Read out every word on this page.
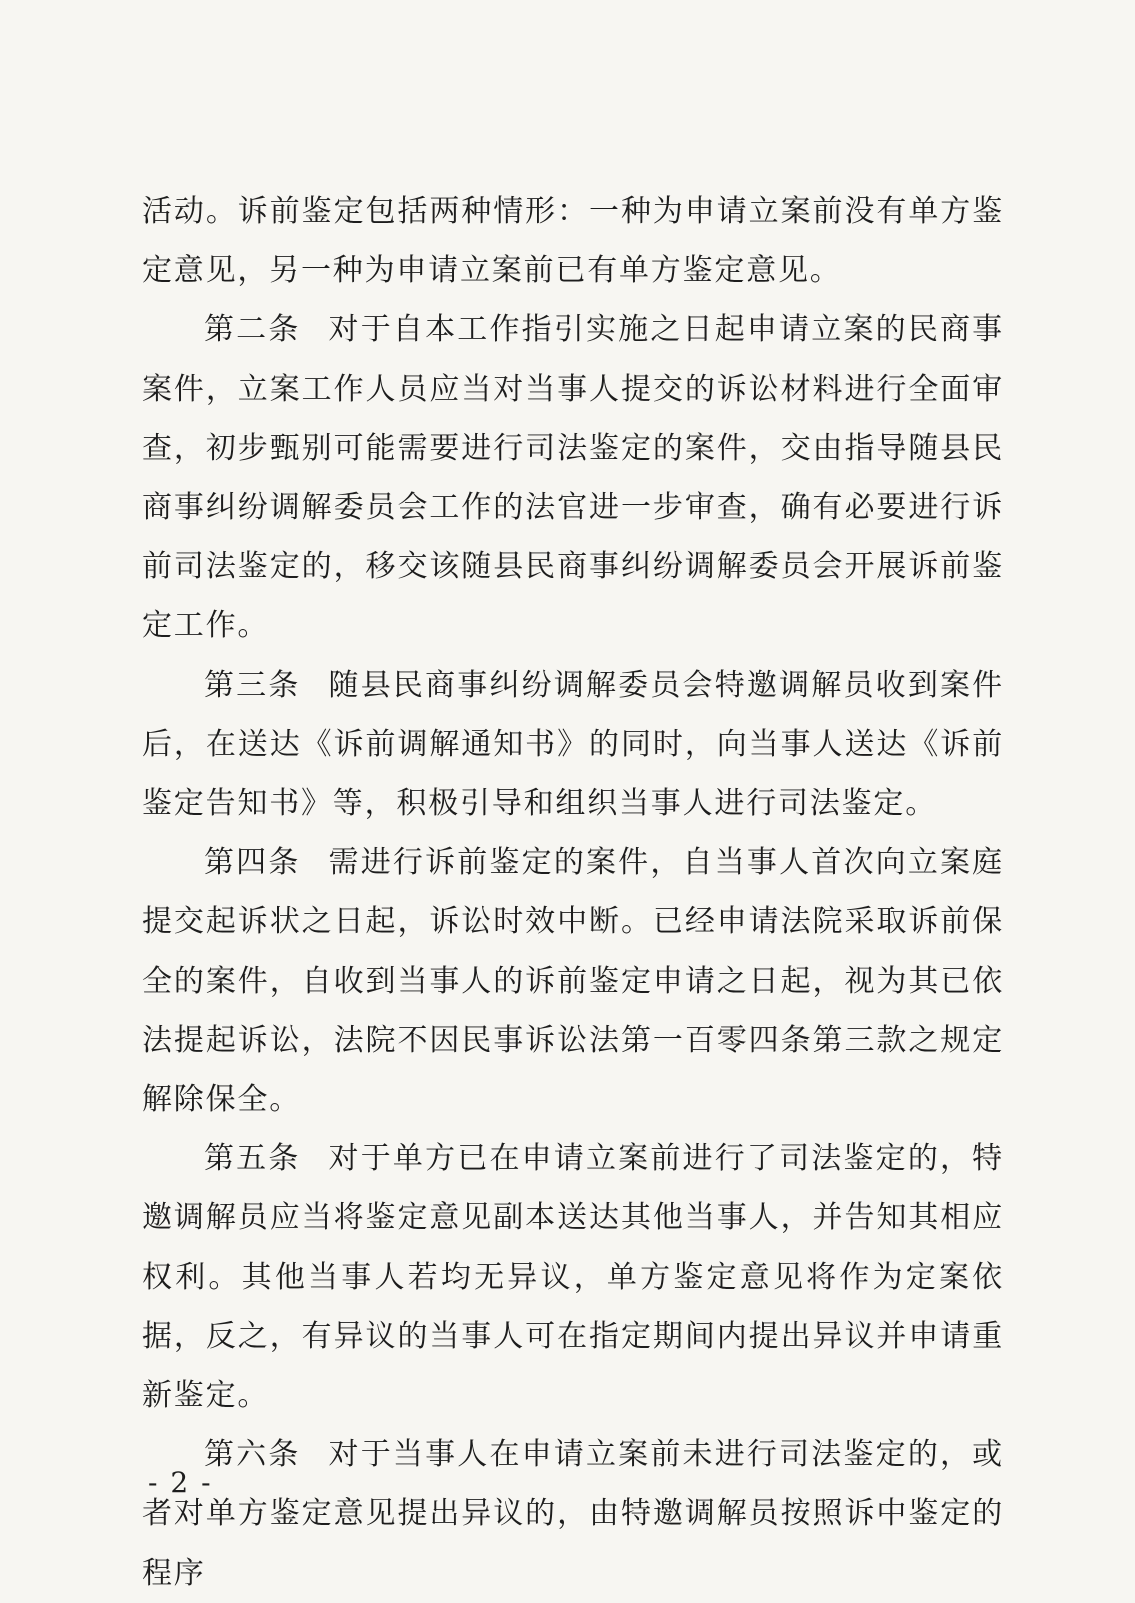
活动。诉前鉴定包括两种情形：一种为申请立案前没有单方鉴定意见，另一种为申请立案前已有单方鉴定意见。

第二条 对于自本工作指引实施之日起申请立案的民商事案件，立案工作人员应当对当事人提交的诉讼材料进行全面审查，初步甄别可能需要进行司法鉴定的案件，交由指导随县民商事纠纷调解委员会工作的法官进一步审查，确有必要进行诉前司法鉴定的，移交该随县民商事纠纷调解委员会开展诉前鉴定工作。

第三条 随县民商事纠纷调解委员会特邀调解员收到案件后，在送达《诉前调解通知书》的同时，向当事人送达《诉前鉴定告知书》等，积极引导和组织当事人进行司法鉴定。

第四条 需进行诉前鉴定的案件，自当事人首次向立案庭提交起诉状之日起，诉讼时效中断。已经申请法院采取诉前保全的案件，自收到当事人的诉前鉴定申请之日起，视为其已依法提起诉讼，法院不因民事诉讼法第一百零四条第三款之规定解除保全。

第五条 对于单方已在申请立案前进行了司法鉴定的，特邀调解员应当将鉴定意见副本送达其他当事人，并告知其相应权利。其他当事人若均无异议，单方鉴定意见将作为定案依据，反之，有异议的当事人可在指定期间内提出异议并申请重新鉴定。

第六条 对于当事人在申请立案前未进行司法鉴定的，或者对单方鉴定意见提出异议的，由特邀调解员按照诉中鉴定的程序

- 2 -
